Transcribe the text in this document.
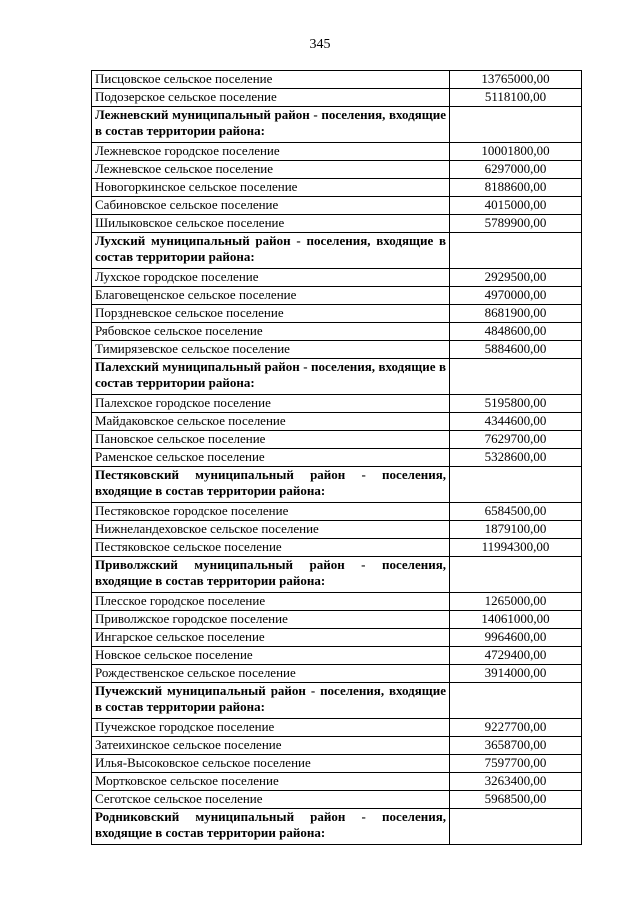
345
Писцовское сельское поселение	13765000,00
Подозерское сельское поселение	5118100,00
Лежневский муниципальный район - поселения, входящие в состав территории района:	
Лежневское городское поселение	10001800,00
Лежневское сельское поселение	6297000,00
Новогоркинское сельское поселение	8188600,00
Сабиновское сельское поселение	4015000,00
Шилыковское сельское поселение	5789900,00
Лухский муниципальный район - поселения, входящие в состав территории района:	
Лухское городское поселение	2929500,00
Благовещенское сельское поселение	4970000,00
Порздневское сельское поселение	8681900,00
Рябовское сельское поселение	4848600,00
Тимирязевское сельское поселение	5884600,00
Палехский муниципальный район - поселения, входящие в состав территории района:	
Палехское городское поселение	5195800,00
Майдаковское сельское поселение	4344600,00
Пановское сельское поселение	7629700,00
Раменское сельское поселение	5328600,00
Пестяковский муниципальный район - поселения, входящие в состав территории района:	
Пестяковское городское поселение	6584500,00
Нижнеландеховское сельское поселение	1879100,00
Пестяковское сельское поселение	11994300,00
Приволжский муниципальный район - поселения, входящие в состав территории района:	
Плесское городское поселение	1265000,00
Приволжское городское поселение	14061000,00
Ингарское сельское поселение	9964600,00
Новское сельское поселение	4729400,00
Рождественское сельское поселение	3914000,00
Пучежский муниципальный район - поселения, входящие в состав территории района:	
Пучежское городское поселение	9227700,00
Затеихинское сельское поселение	3658700,00
Илья-Высоковское сельское поселение	7597700,00
Мортковское сельское поселение	3263400,00
Сеготское сельское поселение	5968500,00
Родниковский муниципальный район - поселения, входящие в состав территории района:	
